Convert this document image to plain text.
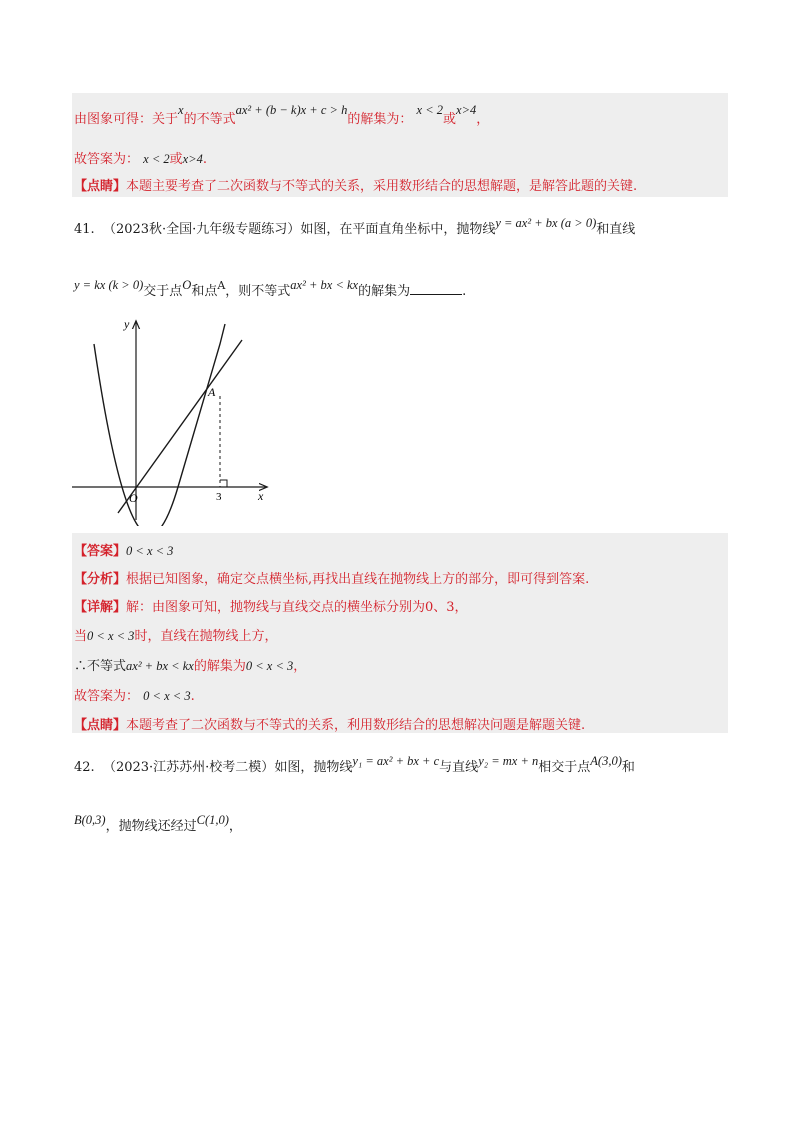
由图象可得：关于x的不等式ax² + (b − k)x + c > h的解集为： x < 2或x>4，
故答案为： x < 2或x>4.
【点睛】本题主要考查了二次函数与不等式的关系，采用数形结合的思想解题，是解答此题的关键.
41. （2023秋·全国·九年级专题练习）如图，在平面直角坐标中，抛物线y = ax² + bx (a > 0)和直线
y = kx (k > 0)交于点O和点$^A$，则不等式ax² + bx < kx的解集为	.
y
x
A
O	3
【答案】0 < x < 3
【分析】根据已知图象，确定交点横坐标,再找出直线在抛物线上方的部分，即可得到答案.
【详解】解：由图象可知，抛物线与直线交点的横坐标分别为0、3，
当0 < x < 3时，直线在抛物线上方，
∴不等式ax² + bx < kx的解集为0 < x < 3，
故答案为： 0 < x < 3.
【点睛】本题考查了二次函数与不等式的关系，利用数形结合的思想解决问题是解题关键.
42. （2023·江苏苏州·校考二模）如图，抛物线y₁ = ax² + bx + c与直线y₂ = mx + n相交于点A(3,0)和
B(0,3)，抛物线还经过C(1,0)，
